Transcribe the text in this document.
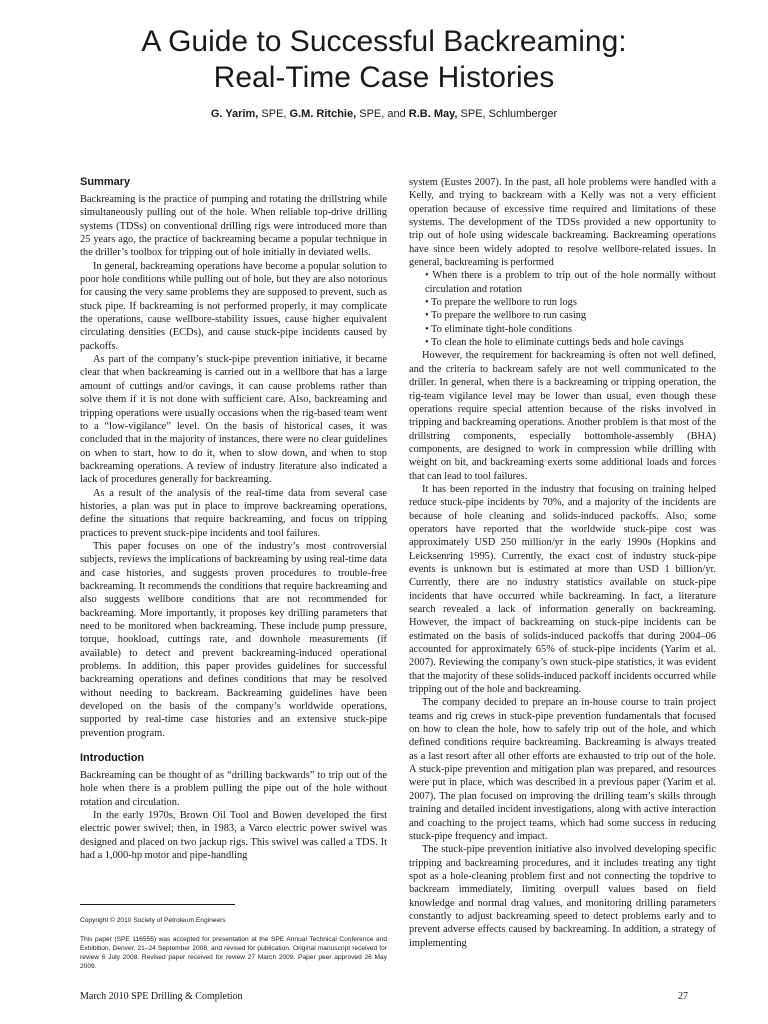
A Guide to Successful Backreaming:
Real-Time Case Histories
G. Yarim, SPE, G.M. Ritchie, SPE, and R.B. May, SPE, Schlumberger
Summary

Backreaming is the practice of pumping and rotating the drillstring while simultaneously pulling out of the hole. When reliable top-drive drilling systems (TDSs) on conventional drilling rigs were introduced more than 25 years ago, the practice of backreaming became a popular technique in the driller’s toolbox for tripping out of hole initially in deviated wells.

In general, backreaming operations have become a popular solution to poor hole conditions while pulling out of hole, but they are also notorious for causing the very same problems they are supposed to prevent, such as stuck pipe. If backreaming is not performed properly, it may complicate the operations, cause wellbore-stability issues, cause higher equivalent circulating densities (ECDs), and cause stuck-pipe incidents caused by packoffs.

As part of the company’s stuck-pipe prevention initiative, it became clear that when backreaming is carried out in a wellbore that has a large amount of cuttings and/or cavings, it can cause problems rather than solve them if it is not done with sufficient care. Also, backreaming and tripping operations were usually occasions when the rig-based team went to a “low-vigilance” level. On the basis of historical cases, it was concluded that in the majority of instances, there were no clear guidelines on when to start, how to do it, when to slow down, and when to stop backreaming operations. A review of industry literature also indicated a lack of procedures generally for backreaming.

As a result of the analysis of the real-time data from several case histories, a plan was put in place to improve backreaming operations, define the situations that require backreaming, and focus on tripping practices to prevent stuck-pipe incidents and tool failures.

This paper focuses on one of the industry’s most controversial subjects, reviews the implications of backreaming by using real-time data and case histories, and suggests proven procedures to trouble-free backreaming. It recommends the conditions that require backreaming and also suggests wellbore conditions that are not recommended for backreaming. More importantly, it proposes key drilling parameters that need to be monitored when backreaming. These include pump pressure, torque, hookload, cuttings rate, and downhole measurements (if available) to detect and prevent backreaming-induced operational problems. In addition, this paper provides guidelines for successful backreaming operations and defines conditions that may be resolved without needing to backream. Backreaming guidelines have been developed on the basis of the company’s worldwide operations, supported by real-time case histories and an extensive stuck-pipe prevention program.

Introduction

Backreaming can be thought of as “drilling backwards” to trip out of the hole when there is a problem pulling the pipe out of the hole without rotation and circulation.

In the early 1970s, Brown Oil Tool and Bowen developed the first electric power swivel; then, in 1983, a Varco electric power swivel was designed and placed on two jackup rigs. This swivel was called a TDS. It had a 1,000-hp motor and pipe-handling

system (Eustes 2007). In the past, all hole problems were handled with a Kelly, and trying to backream with a Kelly was not a very efficient operation because of excessive time required and limitations of these systems. The development of the TDSs provided a new opportunity to trip out of hole using widescale backreaming. Backreaming operations have since been widely adopted to resolve wellbore-related issues. In general, backreaming is performed

• When there is a problem to trip out of the hole normally without circulation and rotation

• To prepare the wellbore to run logs

• To prepare the wellbore to run casing

• To eliminate tight-hole conditions

• To clean the hole to eliminate cuttings beds and hole cavings

However, the requirement for backreaming is often not well defined, and the criteria to backream safely are not well communicated to the driller. In general, when there is a backreaming or tripping operation, the rig-team vigilance level may be lower than usual, even though these operations require special attention because of the risks involved in tripping and backreaming operations. Another problem is that most of the drillstring components, especially bottomhole-assembly (BHA) components, are designed to work in compression while drilling with weight on bit, and backreaming exerts some additional loads and forces that can lead to tool failures.

It has been reported in the industry that focusing on training helped reduce stuck-pipe incidents by 70%, and a majority of the incidents are because of hole cleaning and solids-induced packoffs. Also, some operators have reported that the worldwide stuck-pipe cost was approximately USD 250 million/yr in the early 1990s (Hopkins and Leicksenring 1995). Currently, the exact cost of industry stuck-pipe events is unknown but is estimated at more than USD 1 billion/yr. Currently, there are no industry statistics available on stuck-pipe incidents that have occurred while backreaming. In fact, a literature search revealed a lack of information generally on backreaming. However, the impact of backreaming on stuck-pipe incidents can be estimated on the basis of solids-induced packoffs that during 2004–06 accounted for approximately 65% of stuck-pipe incidents (Yarim et al. 2007). Reviewing the company’s own stuck-pipe statistics, it was evident that the majority of these solids-induced packoff incidents occurred while tripping out of the hole and backreaming.

The company decided to prepare an in-house course to train project teams and rig crews in stuck-pipe prevention fundamentals that focused on how to clean the hole, how to safely trip out of the hole, and which defined conditions require backreaming. Backreaming is always treated as a last resort after all other efforts are exhausted to trip out of the hole. A stuck-pipe prevention and mitigation plan was prepared, and resources were put in place, which was described in a previous paper (Yarim et al. 2007). The plan focused on improving the drilling team’s skills through training and detailed incident investigations, along with active interaction and coaching to the project teams, which had some success in reducing stuck-pipe frequency and impact.

The stuck-pipe prevention initiative also involved developing specific tripping and backreaming procedures, and it includes treating any tight spot as a hole-cleaning problem first and not connecting the topdrive to backream immediately, limiting overpull values based on field knowledge and normal drag values, and monitoring drilling parameters constantly to adjust backreaming speed to detect problems early and to prevent adverse effects caused by backreaming. In addition, a strategy of implementing

Copyright © 2010 Society of Petroleum Engineers
This paper (SPE 116555) was accepted for presentation at the SPE Annual Technical Conference and Exhibition, Denver, 21–24 September 2008, and revised for publication. Original manuscript received for review 6 July 2008. Revised paper received for review 27 March 2009. Paper peer approved 26 May 2009.
March 2010 SPE Drilling & Completion	27
